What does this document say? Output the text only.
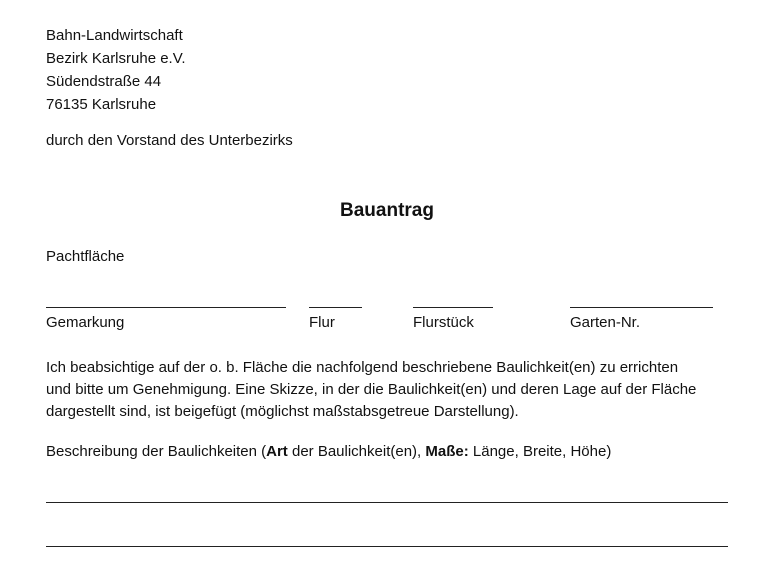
Bahn-Landwirtschaft
Bezirk Karlsruhe e.V.
Südendstraße 44
76135 Karlsruhe
durch den Vorstand des Unterbezirks
Bauantrag
Pachtfläche
Gemarkung	Flur	Flurstück	Garten-Nr.
Ich beabsichtige auf der o. b. Fläche die nachfolgend beschriebene Baulichkeit(en) zu errichten
und bitte um Genehmigung. Eine Skizze, in der die Baulichkeit(en) und deren Lage auf der Fläche
dargestellt sind, ist beigefügt (möglichst maßstabsgetreue Darstellung).
Beschreibung der Baulichkeiten (Art der Baulichkeit(en), Maße: Länge, Breite, Höhe)
